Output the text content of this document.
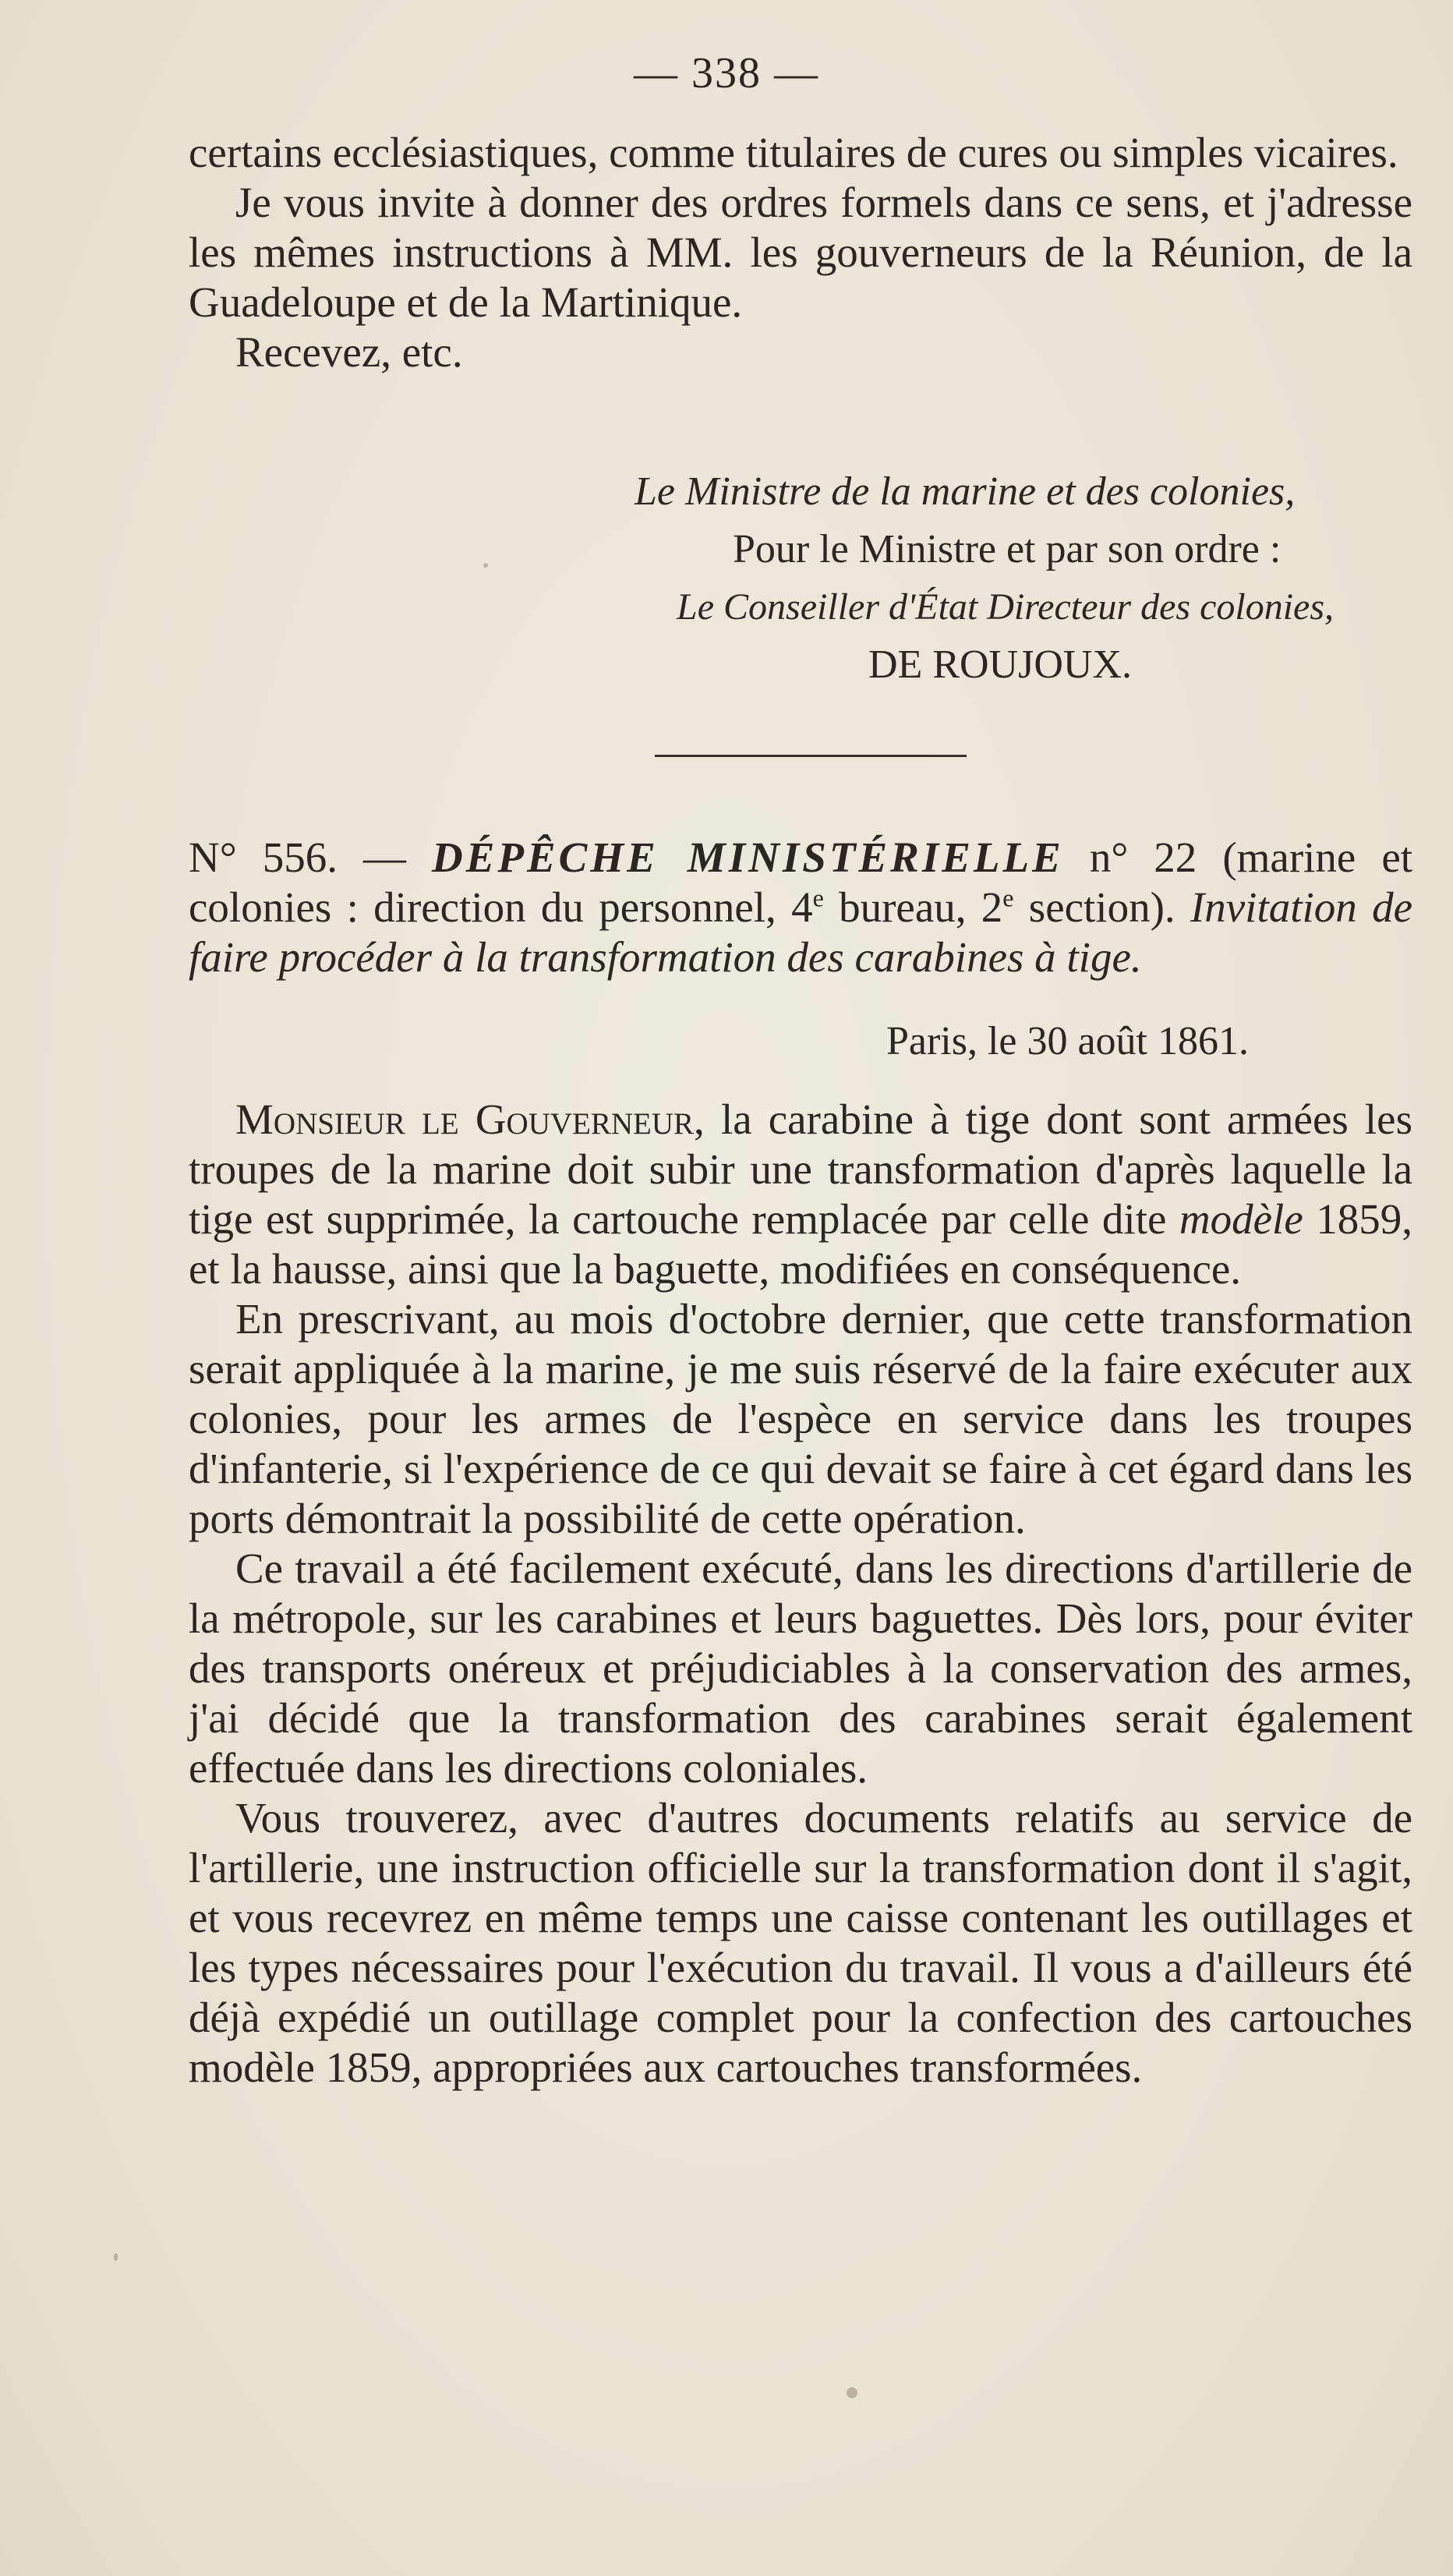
— 338 —

certains ecclésiastiques, comme titulaires de cures ou simples vicaires.

Je vous invite à donner des ordres formels dans ce sens, et j'adresse les mêmes instructions à MM. les gouverneurs de la Réunion, de la Guadeloupe et de la Martinique.

Recevez, etc.

Le Ministre de la marine et des colonies,
Pour le Ministre et par son ordre :
Le Conseiller d'État Directeur des colonies,
DE ROUJOUX.

N° 556. — DÉPÊCHE MINISTÉRIELLE n° 22 (marine et colonies : direction du personnel, 4e bureau, 2e section). Invitation de faire procéder à la transformation des carabines à tige.

Paris, le 30 août 1861.

Monsieur le Gouverneur, la carabine à tige dont sont armées les troupes de la marine doit subir une transformation d'après laquelle la tige est supprimée, la cartouche remplacée par celle dite modèle 1859, et la hausse, ainsi que la baguette, modifiées en conséquence.

En prescrivant, au mois d'octobre dernier, que cette transformation serait appliquée à la marine, je me suis réservé de la faire exécuter aux colonies, pour les armes de l'espèce en service dans les troupes d'infanterie, si l'expérience de ce qui devait se faire à cet égard dans les ports démontrait la possibilité de cette opération.

Ce travail a été facilement exécuté, dans les directions d'artillerie de la métropole, sur les carabines et leurs baguettes. Dès lors, pour éviter des transports onéreux et préjudiciables à la conservation des armes, j'ai décidé que la transformation des carabines serait également effectuée dans les directions coloniales.

Vous trouverez, avec d'autres documents relatifs au service de l'artillerie, une instruction officielle sur la transformation dont il s'agit, et vous recevrez en même temps une caisse contenant les outillages et les types nécessaires pour l'exécution du travail. Il vous a d'ailleurs été déjà expédié un outillage complet pour la confection des cartouches modèle 1859, appropriées aux cartouches transformées.
